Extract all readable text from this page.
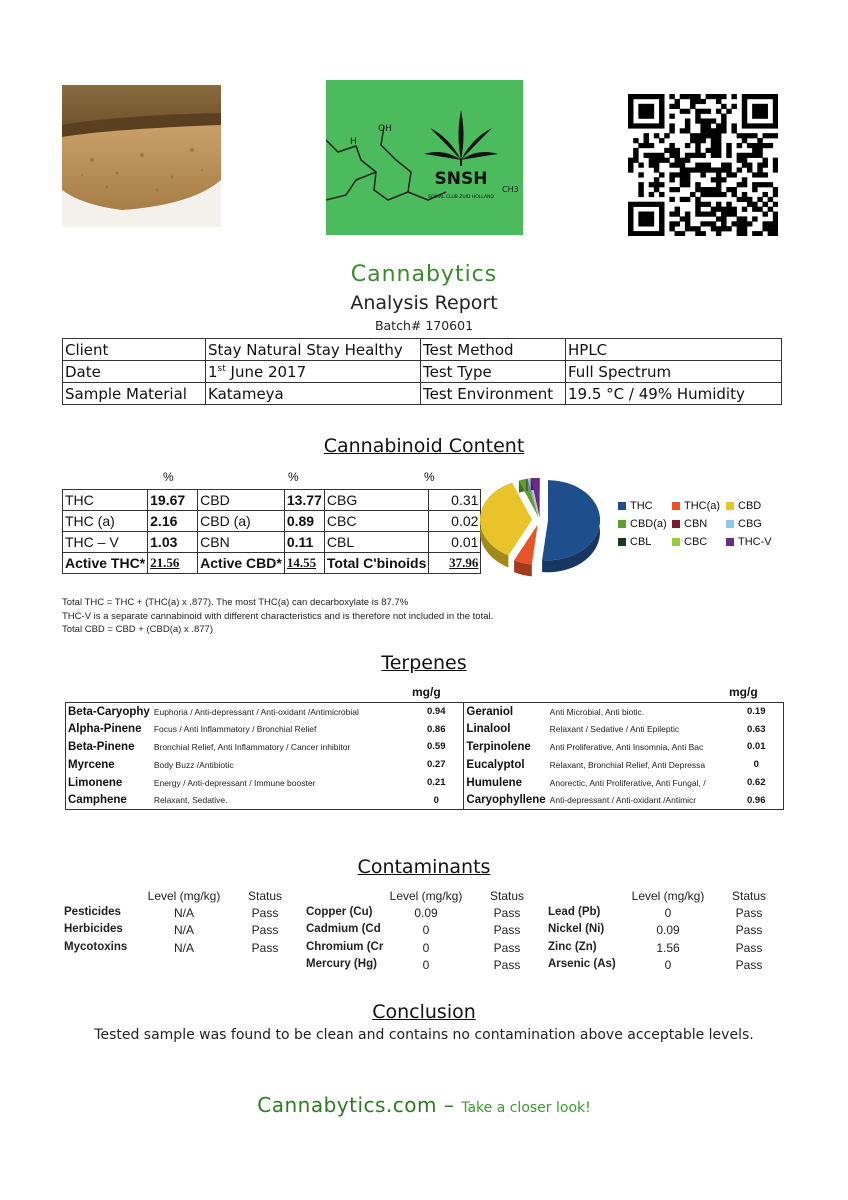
OH
H
CH3
SNSH
SOCIAL CLUB ZUID HOLLAND
Cannabytics
Analysis Report
Batch# 170601
Client	Stay Natural Stay Healthy	Test Method	HPLC
Date	1st June 2017	Test Type	Full Spectrum
Sample Material	Katameya	Test Environment	19.5 °C / 49% Humidity
Cannabinoid Content
%	%	%
THC	19.67	CBD	13.77	CBG	0.31
THC (a)	2.16	CBD (a)	0.89	CBC	0.02
THC – V	1.03	CBN	0.11	CBL	0.01
Active THC*	21.56	Active CBD*	14.55	Total C'binoids	37.96
THC	THC(a) CBD
CBD(a) CBN	CBG
CBL	CBC	THC-V
Total THC = THC + (THC(a) x .877). The most THC(a) can decarboxylate is 87.7%
THC-V is a separate cannabinoid with different characteristics and is therefore not included in the total.
Total CBD = CBD + (CBD(a) x .877)
Terpenes
mg/g	mg/g
Beta-Caryophy	Euphoria / Anti-depressant / Anti-oxidant /Antimicrobial	0.94	Geraniol	Anti Microbial, Anti biotic.	0.19
Alpha-Pinene	Focus / Anti Inflammatory / Bronchial Relief	0.86	Linalool	Relaxant / Sedative / Anti Epileptic	0.63
Beta-Pinene	Bronchial Relief, Anti Inflammatory / Cancer inhibitor	0.59	Terpinolene	Anti Proliferative, Anti Insomnia, Anti Bac	0.01
Myrcene	Body Buzz /Antibiotic	0.27	Eucalyptol	Relaxant, Bronchial Relief, Anti Depressa	0
Limonene	Energy / Anti-depressant / Immune booster	0.21	Humulene	Anorectic, Anti Proliferative, Anti Fungal, /	0.62
Camphene	Relaxant, Sedative.	0	Caryophyllene	Anti-depressant / Anti-oxidant /Antimicr	0.96
Contaminants
Level (mg/kg)	Status
Pesticides	N/A	Pass
Herbicides	N/A	Pass
Mycotoxins	N/A	Pass
Level (mg/kg)	Status
Copper (Cu)	0.09	Pass
Cadmium (Cd	0	Pass
Chromium (Cr	0	Pass
Mercury (Hg)	0	Pass
Level (mg/kg)	Status
Lead (Pb)	0	Pass
Nickel (Ni)	0.09	Pass
Zinc (Zn)	1.56	Pass
Arsenic (As)	0	Pass
Conclusion
Tested sample was found to be clean and contains no contamination above acceptable levels.
Cannabytics.com – Take a closer look!
